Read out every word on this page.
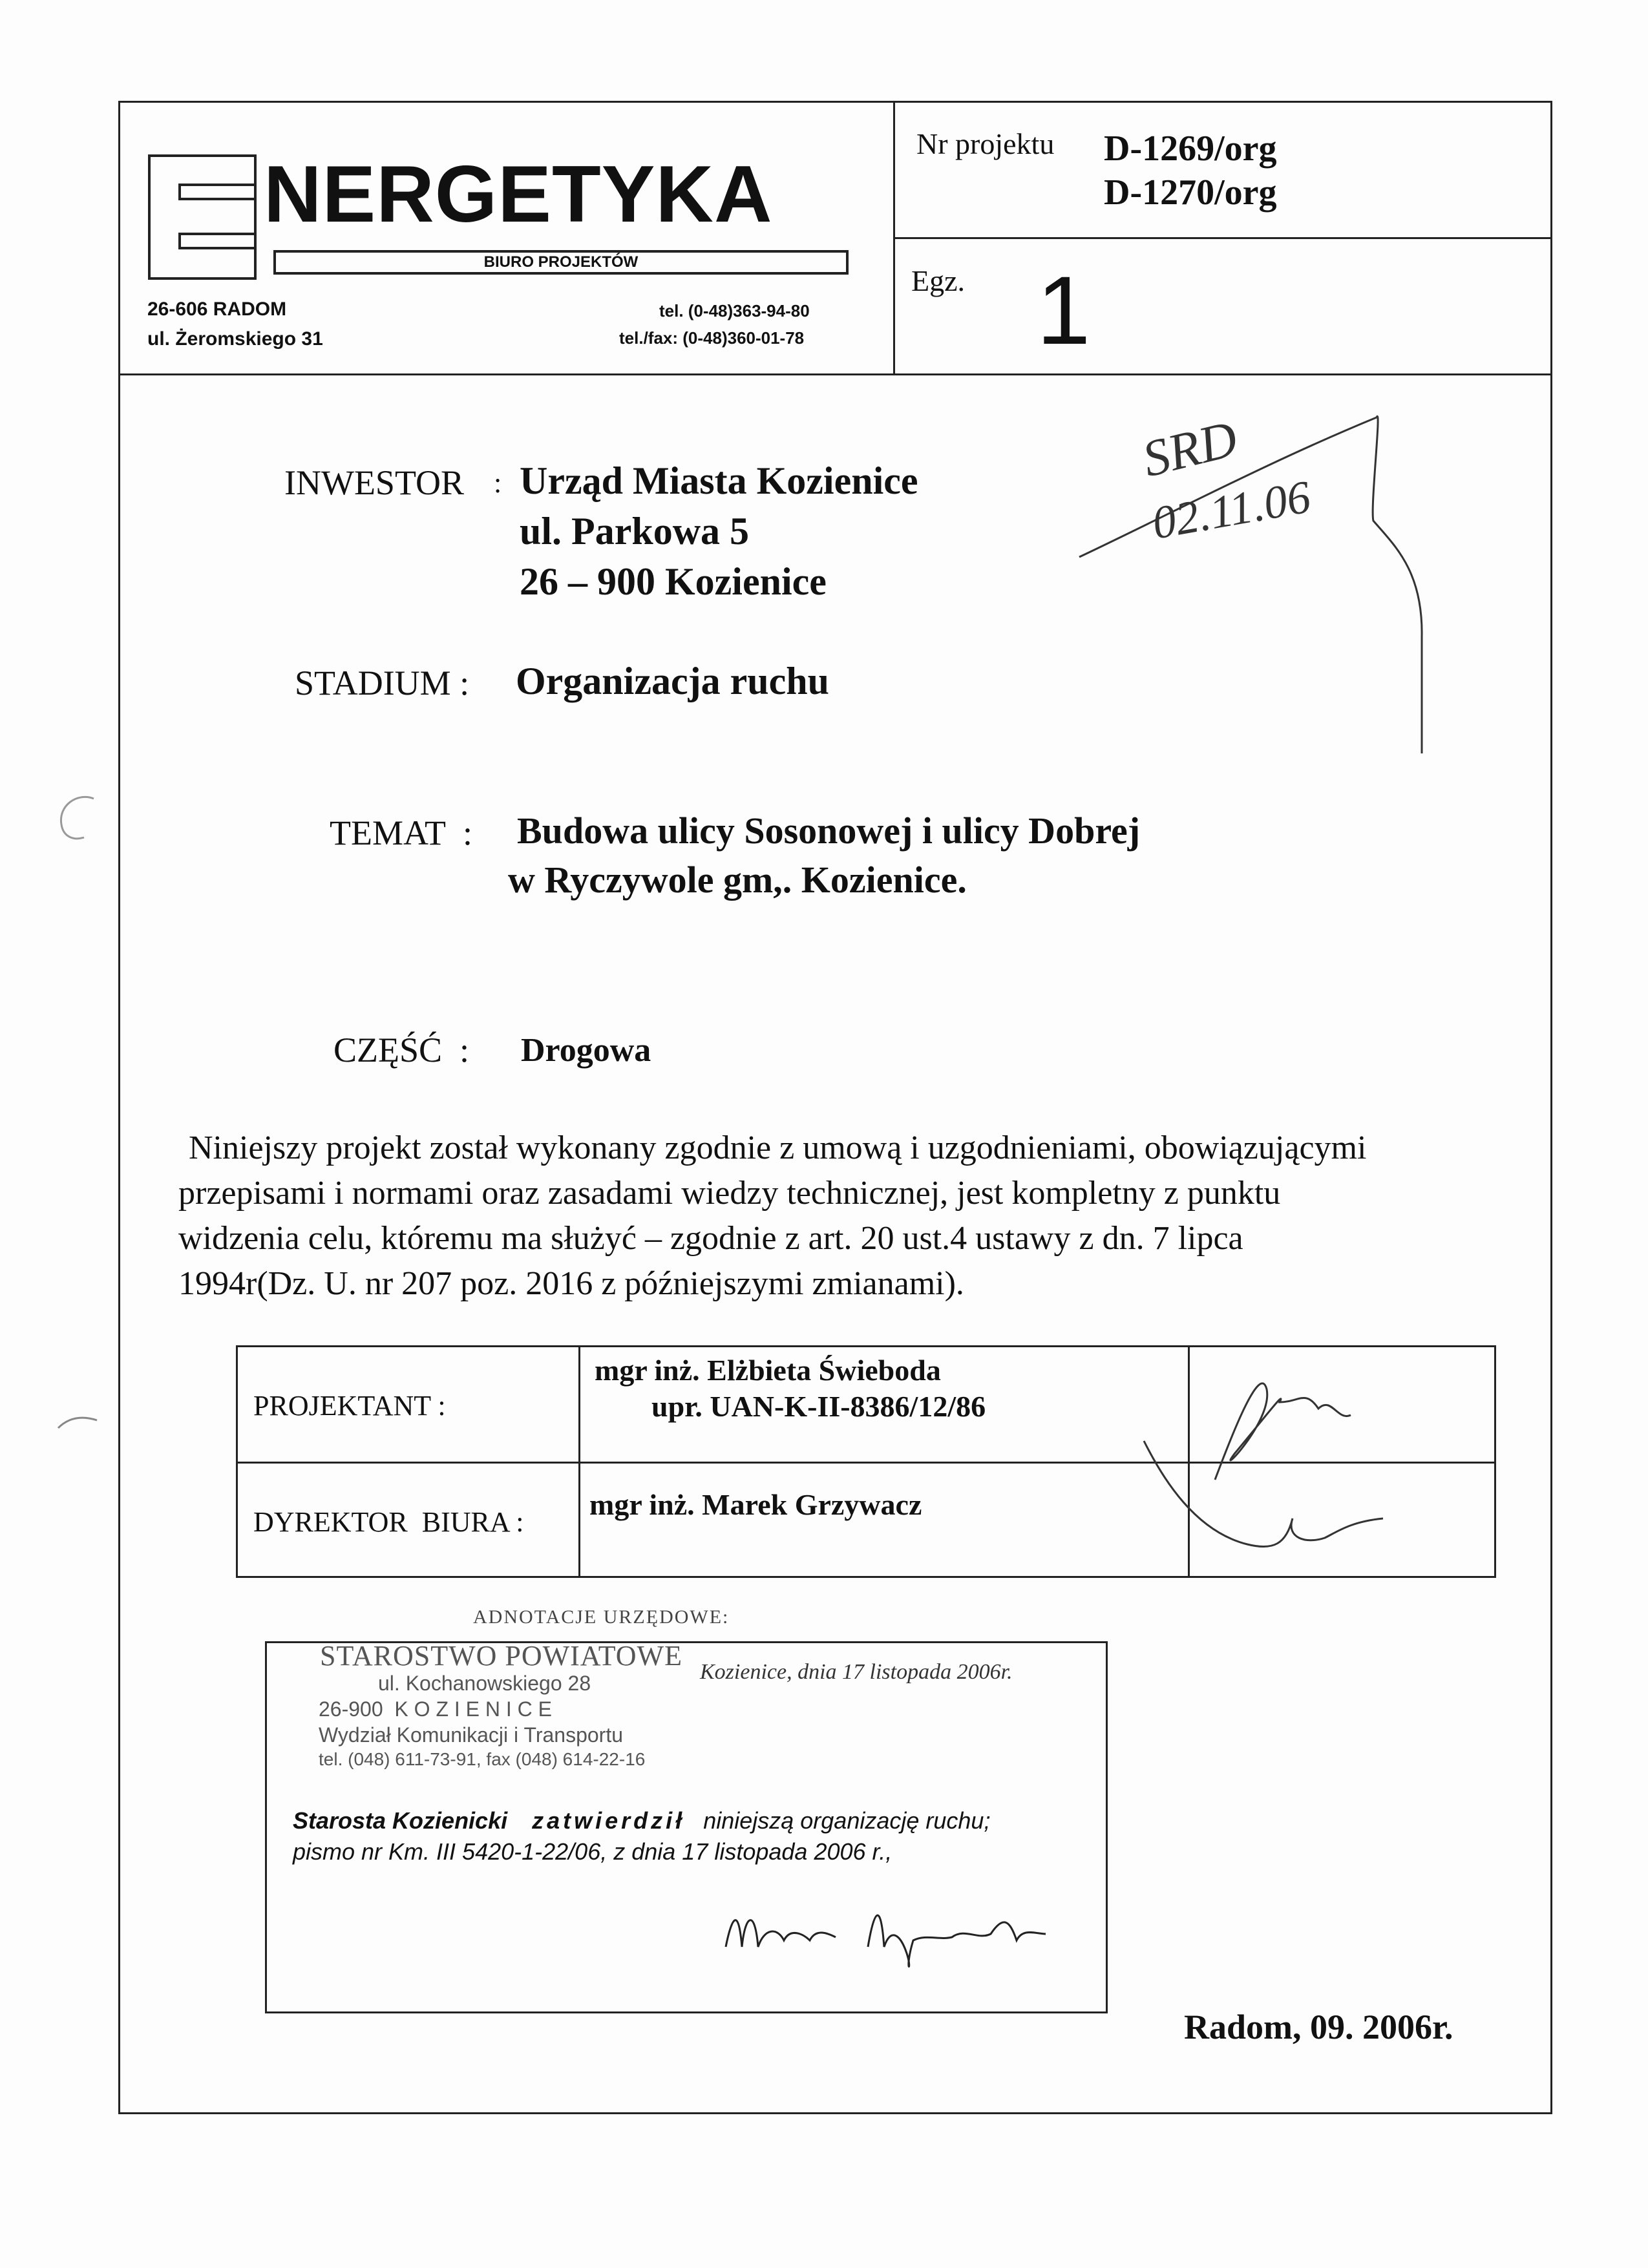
NERGETYKA
BIURO PROJEKTÓW
26-606 RADOM
ul. Żeromskiego 31
tel. (0-48)363-94-80
tel./fax: (0-48)360-01-78
Nr projektu D-1269/org
D-1270/org
Egz. 1
SRD
02.11.06
INWESTOR : Urząd Miasta Kozienice
ul. Parkowa 5
26 – 900 Kozienice
STADIUM : Organizacja ruchu
TEMAT  : Budowa ulicy Sosonowej i ulicy Dobrej
w Ryczywole gm,. Kozienice.
CZĘŚĆ  : Drogowa
Niniejszy projekt został wykonany zgodnie z umową i uzgodnieniami, obowiązującymi
przepisami i normami oraz zasadami wiedzy technicznej, jest kompletny z punktu
widzenia celu, któremu ma służyć – zgodnie z art. 20 ust.4 ustawy z dn. 7 lipca
1994r(Dz. U. nr 207 poz. 2016 z późniejszymi zmianami).
PROJEKTANT :
mgr inż. Elżbieta Świeboda
upr. UAN-K-II-8386/12/86
DYREKTOR  BIURA :
mgr inż. Marek Grzywacz
ADNOTACJE URZĘDOWE:
STAROSTWO POWIATOWE
ul. Kochanowskiego 28
26-900  K O Z I E N I C E
Wydział Komunikacji i Transportu
tel. (048) 611-73-91, fax (048) 614-22-16
Kozienice, dnia 17 listopada 2006r.
Starosta Kozienicki zatwierdził niniejszą organizację ruchu;
pismo nr Km. III 5420-1-22/06, z dnia 17 listopada 2006 r.,
Radom, 09. 2006r.
